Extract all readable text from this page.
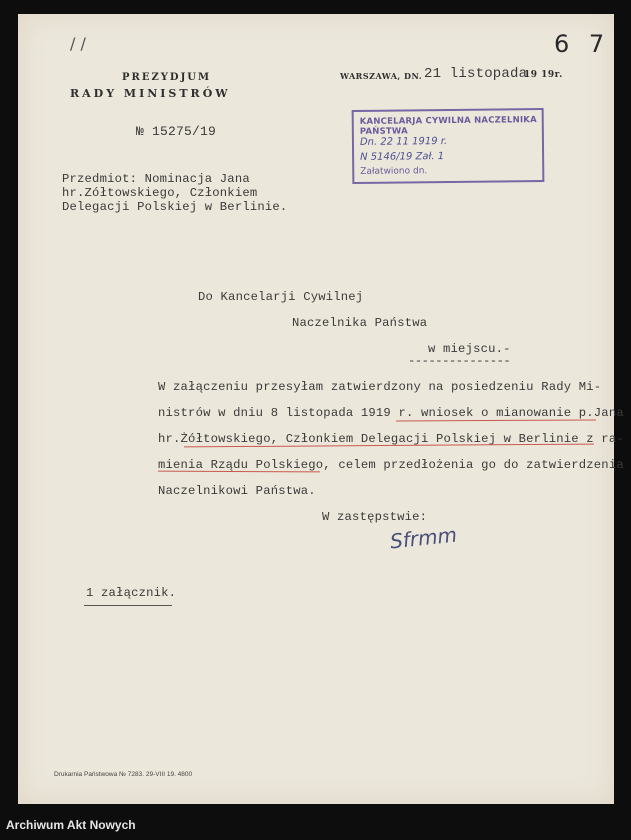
/ /	6 7
PREZYDJUM
RADY MINISTRÓW
№ 15275/19
WARSZAWA, DN. 21 listopada
19 19r.
KANCELARJA CYWILNA NACZELNIKA PAŃSTWA
Dn. 22 11 1919 r.
N 5146/19 Zał. 1
Załatwiono dn.
Przedmiot: Nominacja Jana
hr.Zółtowskiego, Członkiem
Delegacji Polskiej w Berlinie.
Do Kancelarji Cywilnej
Naczelnika Państwa
w miejscu.-
---------------
W załączeniu przesyłam zatwierdzony na posiedzeniu Rady Mi-
nistrów w dniu 8 listopada 1919 r. wniosek o mianowanie p.Jana
hr.Żółtowskiego, Członkiem Delegacji Polskiej w Berlinie z ra-
mienia Rządu Polskiego, celem przedłożenia go do zatwierdzenia
Naczelnikowi Państwa.
W zastępstwie:
Sfrmm
1 załącznik.
Drukarnia Państwowa № 7283. 29-VIII 19. 4800
Archiwum Akt Nowych
